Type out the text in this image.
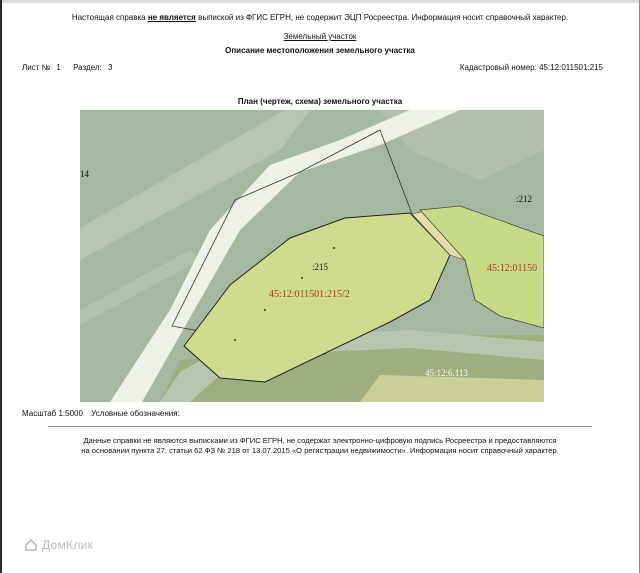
Настоящая справка не является выпиской из ФГИС ЕГРН, не содержит ЭЦП Росреестра. Информация носит справочный характер.
Земельный участок
Описание местоположения земельного участка
Лист № 1 Раздел: 3	Кадастровый номер: 45:12:011501:215
План (чертеж, схема) земельного участка
14
:212
:215
45:12:011501:215/2
45:12:01150
45:12:6.113
Масштаб 1:5000 Условные обозначения:
Данные справки не являются выписками из ФГИС ЕГРН, не содержат электронно-цифровую подпись Росреестра и предоставляются
на основании пункта 27, статьи 62 ФЗ № 218 от 13.07.2015 «О регистрации недвижимости». Информация носит справочный характер.
ДомКлик
